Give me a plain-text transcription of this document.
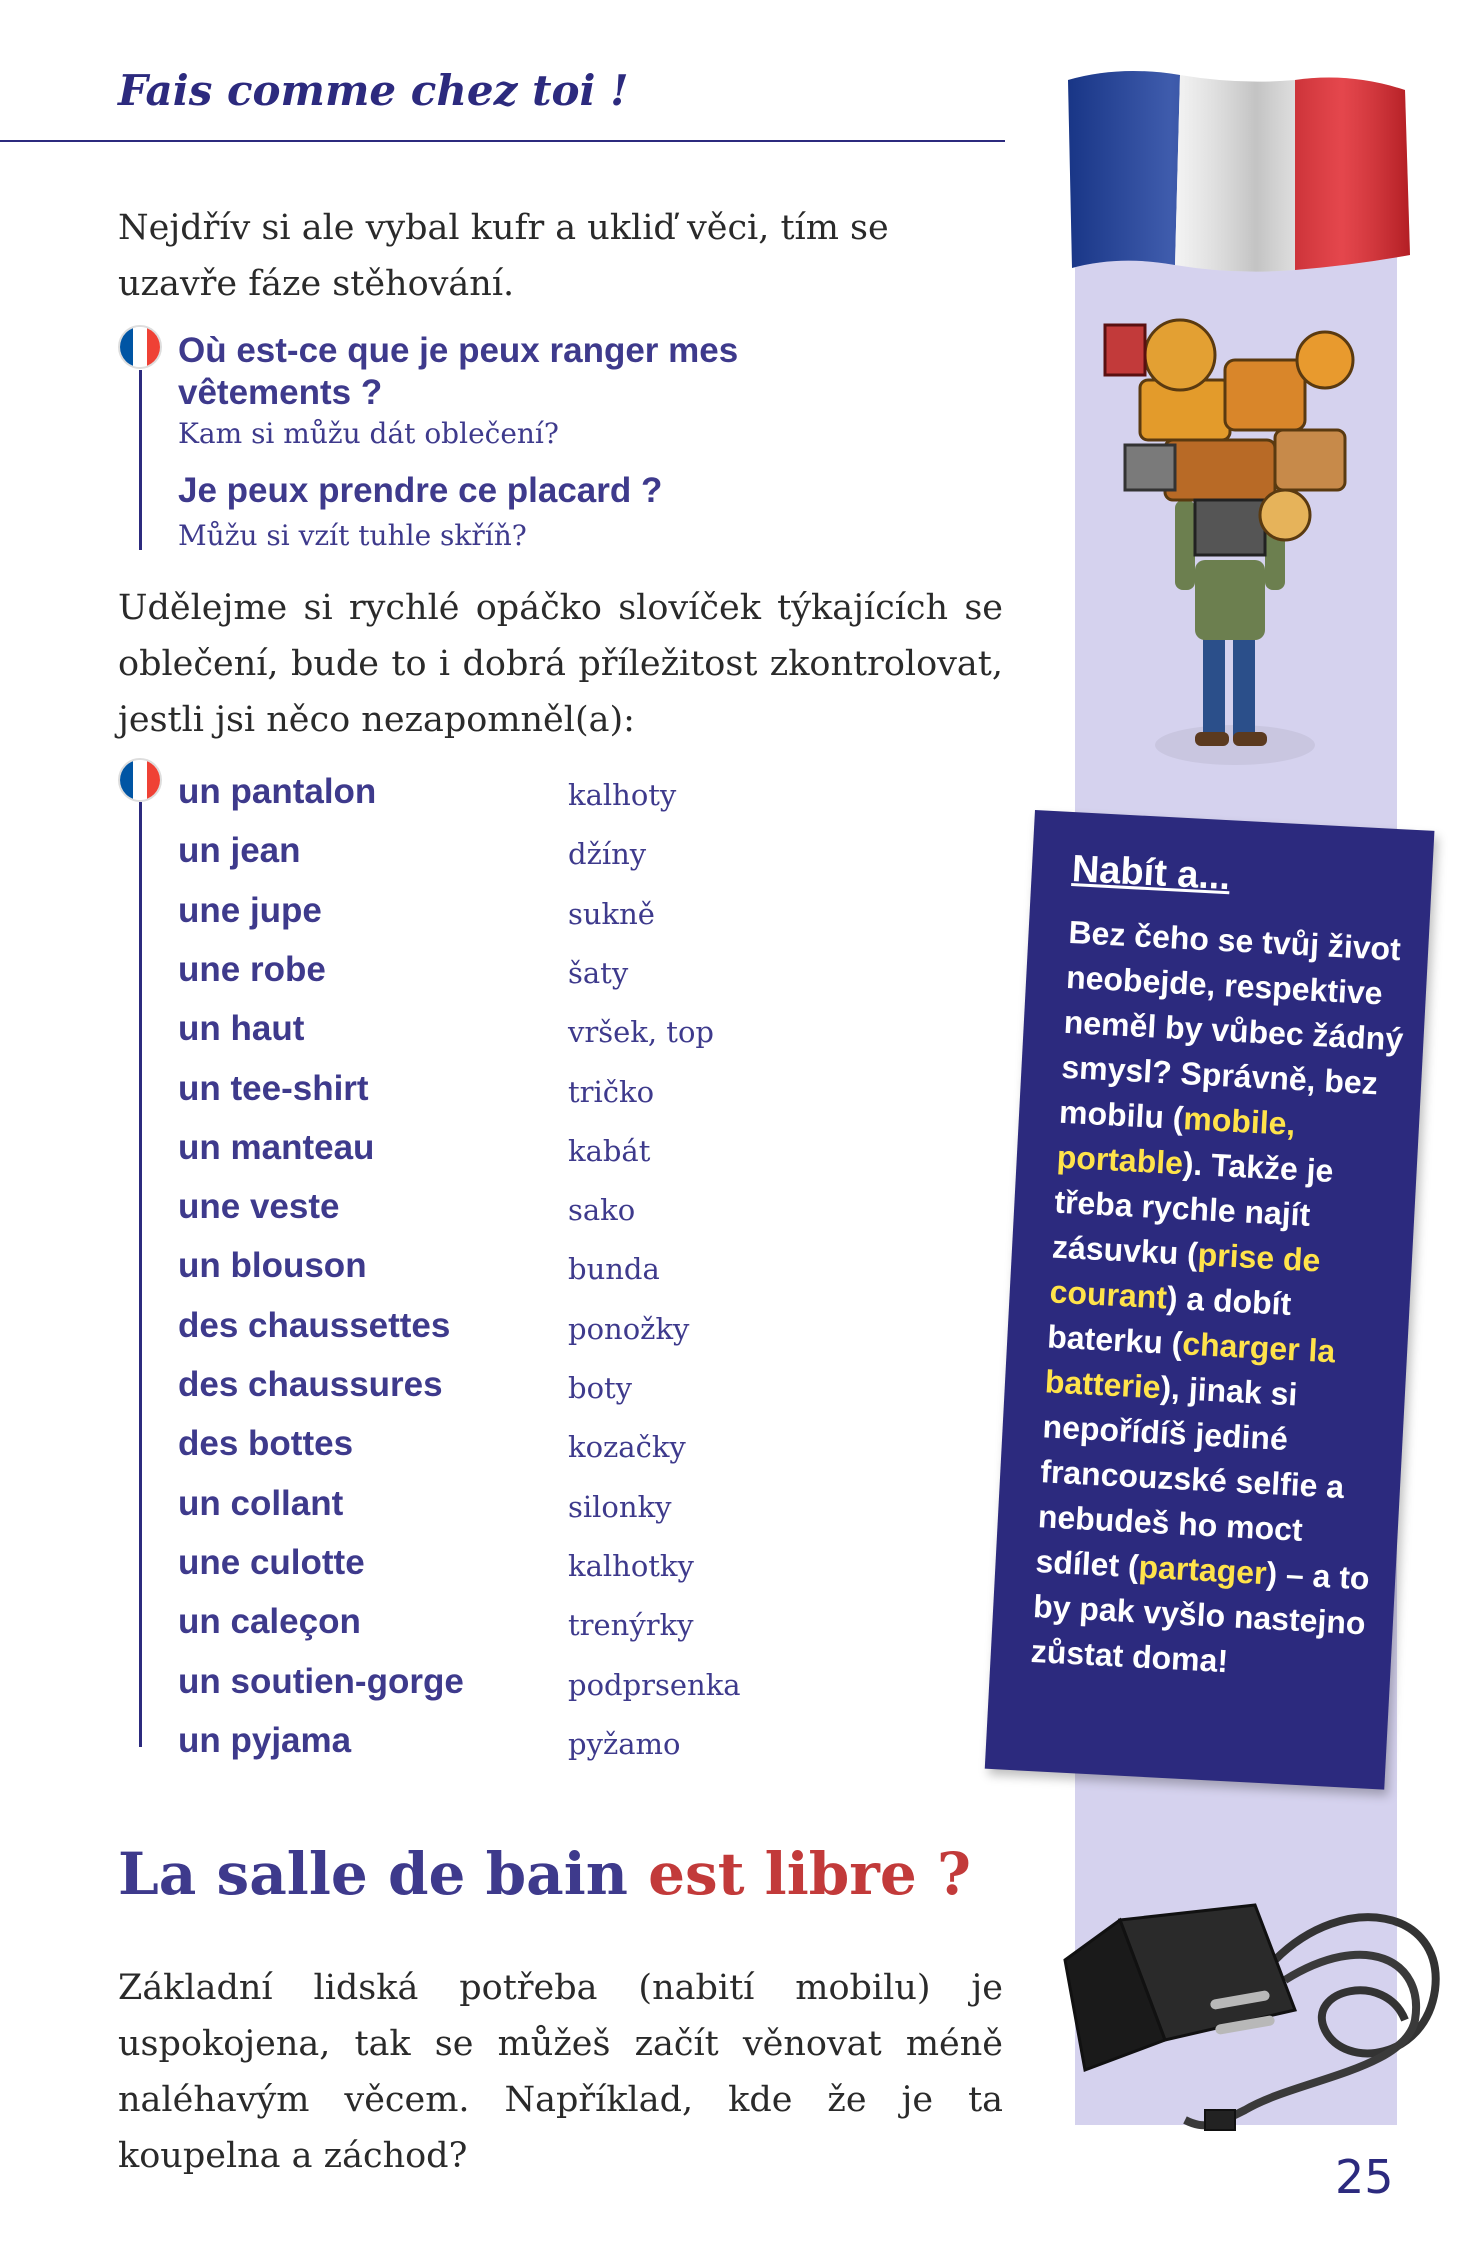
Fais comme chez toi !
Nejdřív si ale vybal kufr a ukliď věci, tím se uzavře fáze stěhování.
Où est-ce que je peux ranger mes vêtements ?
Kam si můžu dát oblečení?
Je peux prendre ce placard ?
Můžu si vzít tuhle skříň?
Udělejme si rychlé opáčko slovíček týkajících se oblečení, bude to i dobrá příležitost zkontrolovat, jestli jsi něco nezapomněl(a):
un pantalon	kalhoty
un jean	džíny
une jupe	sukně
une robe	šaty
un haut	vršek, top
un tee-shirt	tričko
un manteau	kabát
une veste	sako
un blouson	bunda
des chaussettes	ponožky
des chaussures	boty
des bottes	kozačky
un collant	silonky
une culotte	kalhotky
un caleçon	trenýrky
un soutien-gorge	podprsenka
un pyjama	pyžamo
Nabít a...
Bez čeho se tvůj život neobejde, respektive neměl by vůbec žádný smysl? Správně, bez mobilu (mobile, portable). Takže je třeba rychle najít zásuvku (prise de courant) a dobít baterku (charger la batterie), jinak si nepořídíš jediné francouzské selfie a nebudeš ho moct sdílet (partager) – a to by pak vyšlo nastejno zůstat doma!
La salle de bain est libre ?
Základní lidská potřeba (nabití mobilu) je uspokojena, tak se můžeš začít věnovat méně naléhavým věcem. Například, kde že je ta koupelna a záchod?	25
